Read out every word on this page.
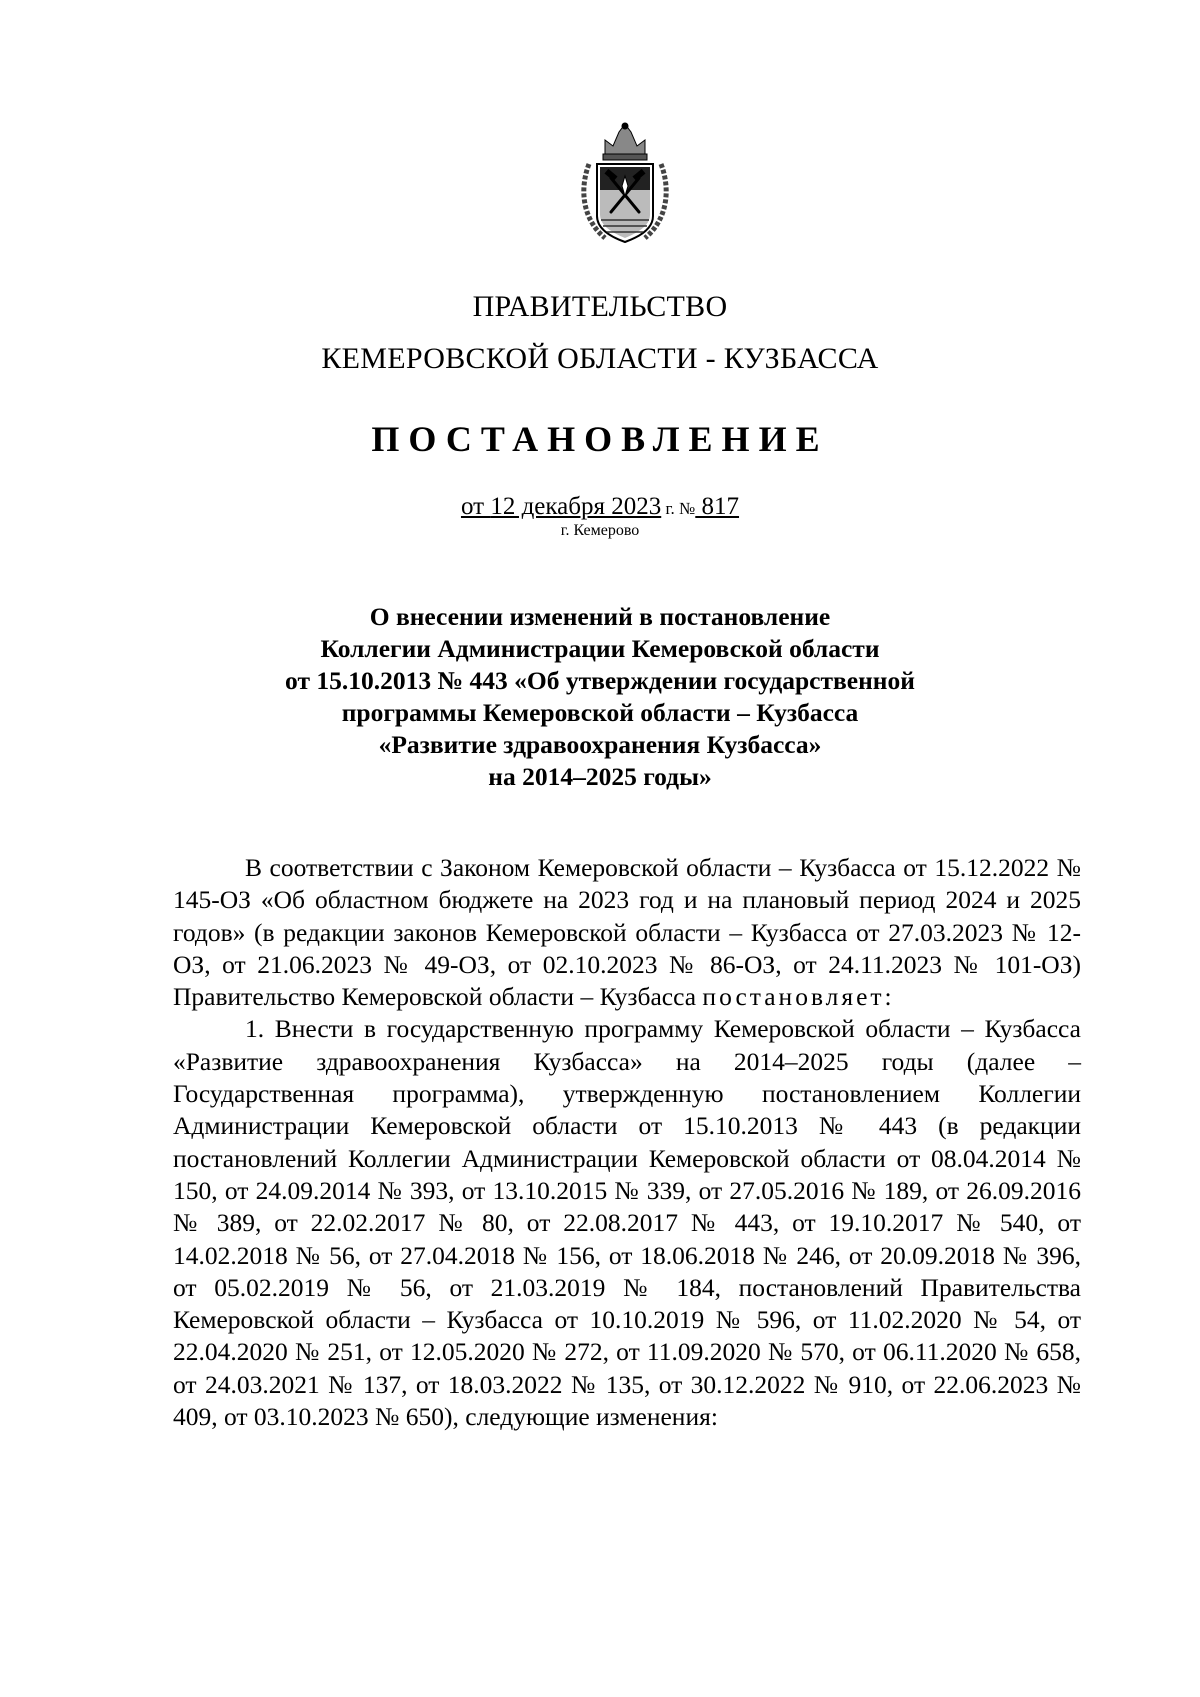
ПРАВИТЕЛЬСТВО
КЕМЕРОВСКОЙ ОБЛАСТИ - КУЗБАССА
ПОСТАНОВЛЕНИЕ
от 12 декабря 2023 г. № 817
г. Кемерово
О внесении изменений в постановление
Коллегии Администрации Кемеровской области
от 15.10.2013 № 443 «Об утверждении государственной
программы Кемеровской области – Кузбасса
«Развитие здравоохранения Кузбасса»
на 2014–2025 годы»

В соответствии с Законом Кемеровской области – Кузбасса от 15.12.2022 № 145-ОЗ «Об областном бюджете на 2023 год и на плановый период 2024 и 2025 годов» (в редакции законов Кемеровской области – Кузбасса от 27.03.2023 № 12-ОЗ, от 21.06.2023 № 49-ОЗ, от 02.10.2023 № 86-ОЗ, от 24.11.2023 № 101-ОЗ) Правительство Кемеровской области – Кузбасса постановляет:

1. Внести в государственную программу Кемеровской области – Кузбасса «Развитие здравоохранения Кузбасса» на 2014–2025 годы (далее – Государственная программа), утвержденную постановлением Коллегии Администрации Кемеровской области от 15.10.2013 № 443 (в редакции постановлений Коллегии Администрации Кемеровской области от 08.04.2014 № 150, от 24.09.2014 № 393, от 13.10.2015 № 339, от 27.05.2016 № 189, от 26.09.2016 № 389, от 22.02.2017 № 80, от 22.08.2017 № 443, от 19.10.2017 № 540, от 14.02.2018 № 56, от 27.04.2018 № 156, от 18.06.2018 № 246, от 20.09.2018 № 396, от 05.02.2019 № 56, от 21.03.2019 № 184, постановлений Правительства Кемеровской области – Кузбасса от 10.10.2019 № 596, от 11.02.2020 № 54, от 22.04.2020 № 251, от 12.05.2020 № 272, от 11.09.2020 № 570, от 06.11.2020 № 658, от 24.03.2021 № 137, от 18.03.2022 № 135, от 30.12.2022 № 910, от 22.06.2023 № 409, от 03.10.2023 № 650), следующие изменения:
